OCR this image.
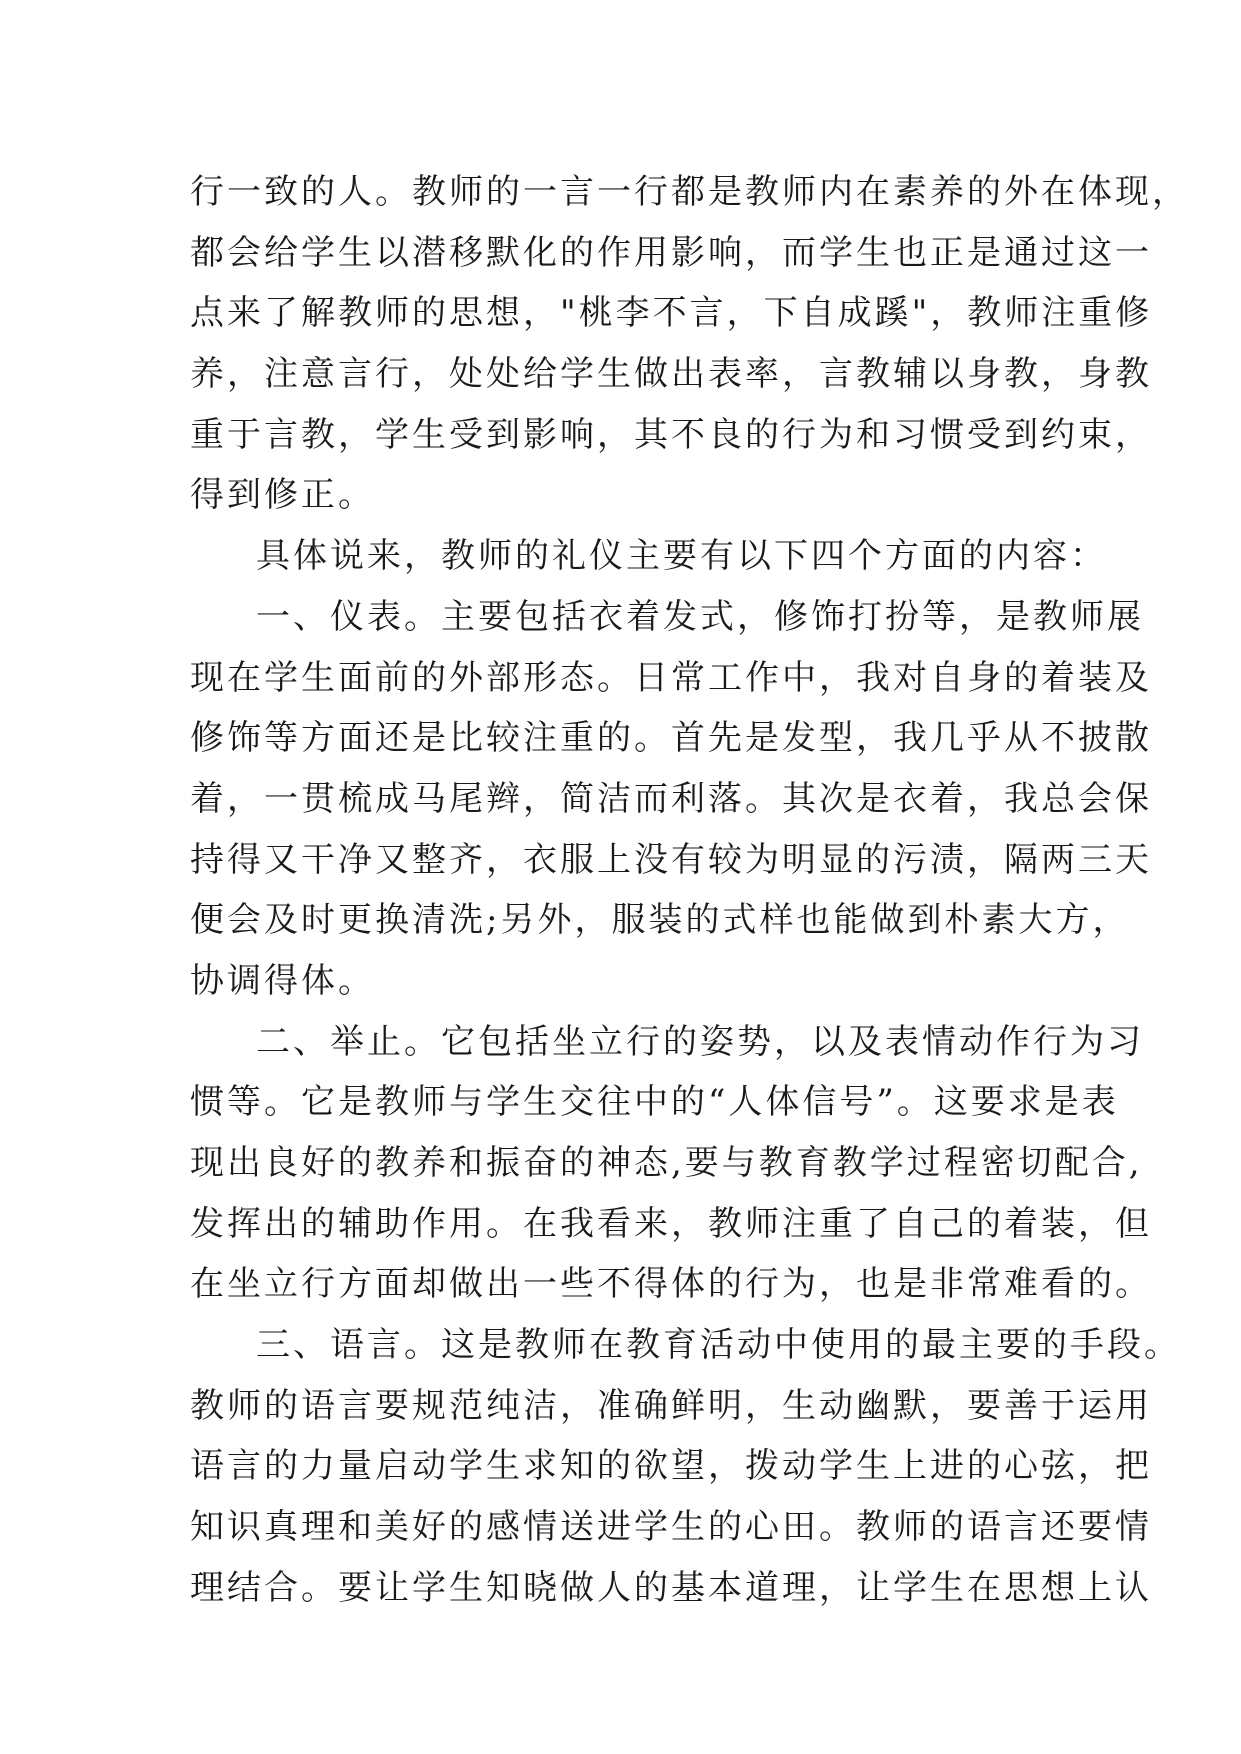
行一致的人。教师的一言一行都是教师内在素养的外在体现，
都会给学生以潜移默化的作用影响，而学生也正是通过这一
点来了解教师的思想，"桃李不言，下自成蹊"，教师注重修
养，注意言行，处处给学生做出表率，言教辅以身教，身教
重于言教，学生受到影响，其不良的行为和习惯受到约束，
得到修正。
具体说来，教师的礼仪主要有以下四个方面的内容：
一、仪表。主要包括衣着发式，修饰打扮等，是教师展
现在学生面前的外部形态。日常工作中，我对自身的着装及
修饰等方面还是比较注重的。首先是发型，我几乎从不披散
着，一贯梳成马尾辫，简洁而利落。其次是衣着，我总会保
持得又干净又整齐，衣服上没有较为明显的污渍，隔两三天
便会及时更换清洗;另外，服装的式样也能做到朴素大方，
协调得体。
二、举止。它包括坐立行的姿势，以及表情动作行为习
惯等。它是教师与学生交往中的“人体信号”。这要求是表
现出良好的教养和振奋的神态,要与教育教学过程密切配合,
发挥出的辅助作用。在我看来，教师注重了自己的着装，但
在坐立行方面却做出一些不得体的行为，也是非常难看的。
三、语言。这是教师在教育活动中使用的最主要的手段。
教师的语言要规范纯洁，准确鲜明，生动幽默，要善于运用
语言的力量启动学生求知的欲望，拨动学生上进的心弦，把
知识真理和美好的感情送进学生的心田。教师的语言还要情
理结合。要让学生知晓做人的基本道理，让学生在思想上认
